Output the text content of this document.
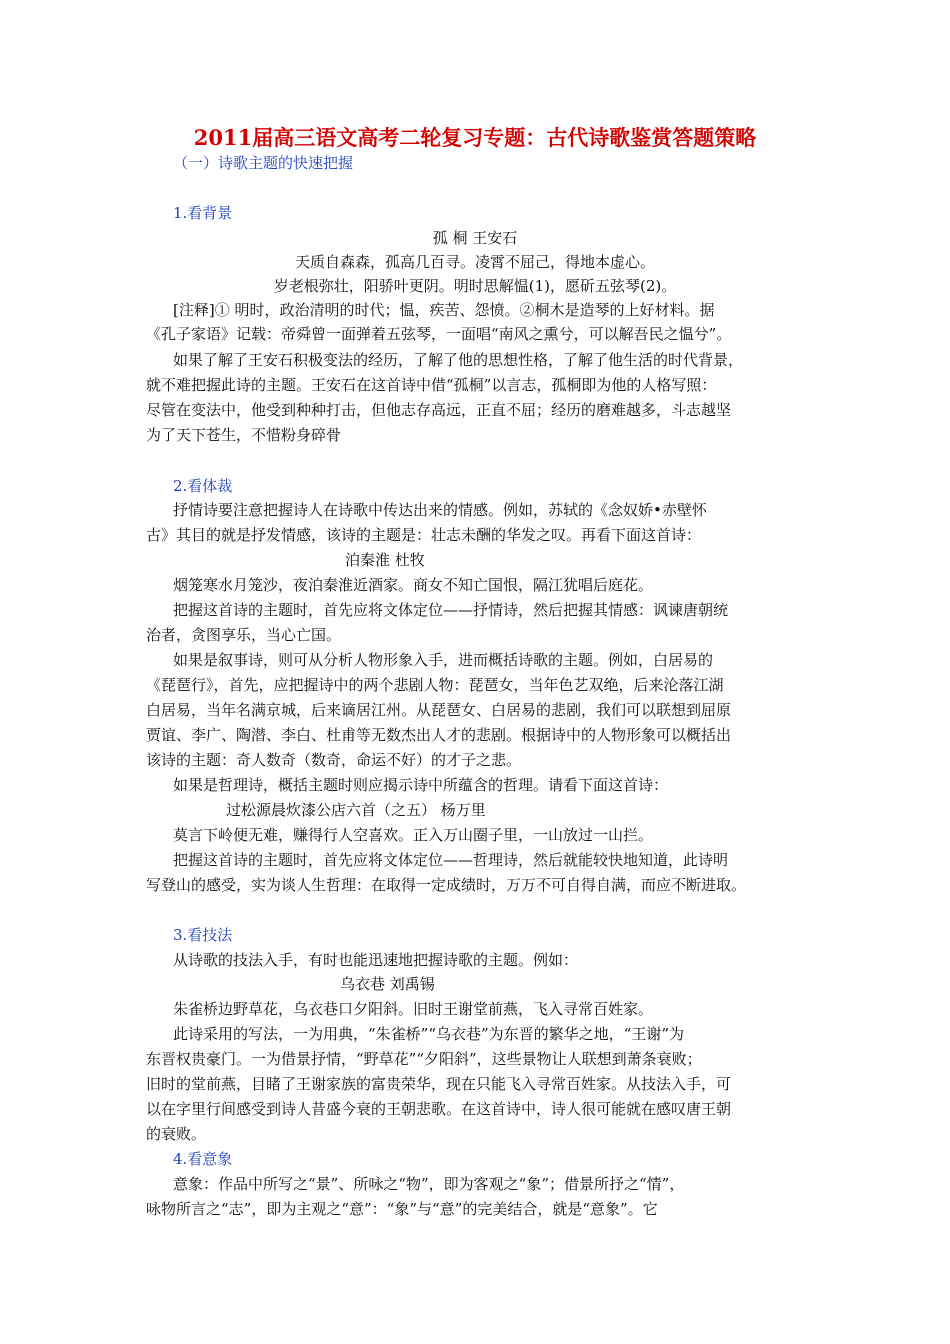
2011届高三语文高考二轮复习专题：古代诗歌鉴赏答题策略
（一）诗歌主题的快速把握
1.看背景
孤 桐 王安石
天质自森森，孤高几百寻。凌霄不屈己，得地本虚心。
岁老根弥壮，阳骄叶更阴。明时思解愠(1)，愿斫五弦琴(2)。
[注释]① 明时，政治清明的时代；愠，疾苦、怨愤。②桐木是造琴的上好材料。据
《孔子家语》记载：帝舜曾一面弹着五弦琴，一面唱“南风之熏兮，可以解吾民之愠兮”。
如果了解了王安石积极变法的经历，了解了他的思想性格，了解了他生活的时代背景，
就不难把握此诗的主题。王安石在这首诗中借“孤桐”以言志，孤桐即为他的人格写照：
尽管在变法中，他受到种种打击，但他志存高远，正直不屈；经历的磨难越多，斗志越坚
为了天下苍生，不惜粉身碎骨
2.看体裁
抒情诗要注意把握诗人在诗歌中传达出来的情感。例如，苏轼的《念奴娇•赤壁怀
古》其目的就是抒发情感，该诗的主题是：壮志未酬的华发之叹。再看下面这首诗：
泊秦淮 杜牧
烟笼寒水月笼沙，夜泊秦淮近酒家。商女不知亡国恨，隔江犹唱后庭花。
把握这首诗的主题时，首先应将文体定位——抒情诗，然后把握其情感：讽谏唐朝统
治者，贪图享乐，当心亡国。
如果是叙事诗，则可从分析人物形象入手，进而概括诗歌的主题。例如，白居易的
《琵琶行》，首先，应把握诗中的两个悲剧人物：琵琶女，当年色艺双绝，后来沦落江湖
白居易，当年名满京城，后来谪居江州。从琵琶女、白居易的悲剧，我们可以联想到屈原
贾谊、李广、陶潜、李白、杜甫等无数杰出人才的悲剧。根据诗中的人物形象可以概括出
该诗的主题：奇人数奇（数奇，命运不好）的才子之悲。
如果是哲理诗，概括主题时则应揭示诗中所蕴含的哲理。请看下面这首诗：
过松源晨炊漆公店六首（之五） 杨万里
莫言下岭便无难，赚得行人空喜欢。正入万山圈子里，一山放过一山拦。
把握这首诗的主题时，首先应将文体定位——哲理诗，然后就能较快地知道，此诗明
写登山的感受，实为谈人生哲理：在取得一定成绩时，万万不可自得自满，而应不断进取。
3.看技法
从诗歌的技法入手，有时也能迅速地把握诗歌的主题。例如：
乌衣巷 刘禹锡
朱雀桥边野草花，乌衣巷口夕阳斜。旧时王谢堂前燕，飞入寻常百姓家。
此诗采用的写法，一为用典，“朱雀桥”“乌衣巷”为东晋的繁华之地，“王谢”为
东晋权贵豪门。一为借景抒情，“野草花”“夕阳斜”，这些景物让人联想到萧条衰败；
旧时的堂前燕，目睹了王谢家族的富贵荣华，现在只能飞入寻常百姓家。从技法入手，可
以在字里行间感受到诗人昔盛今衰的王朝悲歌。在这首诗中，诗人很可能就在感叹唐王朝
的衰败。
4.看意象
意象：作品中所写之“景”、所咏之“物”，即为客观之“象”；借景所抒之“情”，
咏物所言之“志”，即为主观之“意”：“象”与“意”的完美结合，就是“意象”。它
